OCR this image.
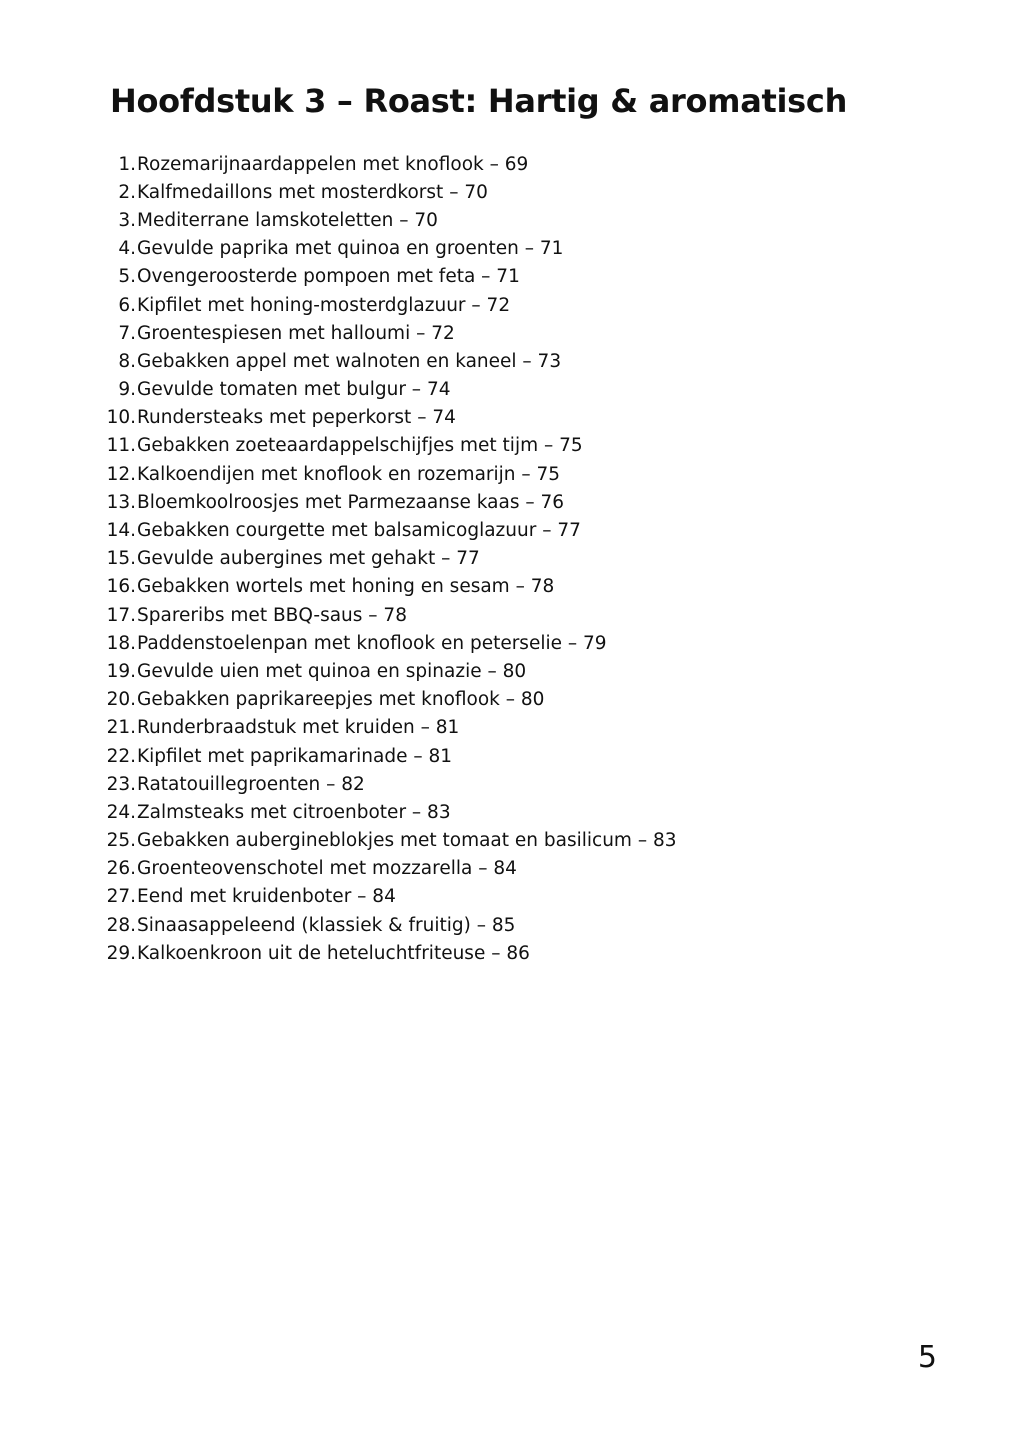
Hoofdstuk 3 – Roast: Hartig & aromatisch
1. Rozemarijnaardappelen met knoflook – 69
2. Kalfmedaillons met mosterdkorst – 70
3. Mediterrane lamskoteletten – 70
4. Gevulde paprika met quinoa en groenten – 71
5. Ovengeroosterde pompoen met feta – 71
6. Kipfilet met honing-mosterdglazuur – 72
7. Groentespiesen met halloumi – 72
8. Gebakken appel met walnoten en kaneel – 73
9. Gevulde tomaten met bulgur – 74
10. Rundersteaks met peperkorst – 74
11. Gebakken zoeteaardappelschijfjes met tijm – 75
12. Kalkoendijen met knoflook en rozemarijn – 75
13. Bloemkoolroosjes met Parmezaanse kaas – 76
14. Gebakken courgette met balsamicoglazuur – 77
15. Gevulde aubergines met gehakt – 77
16. Gebakken wortels met honing en sesam – 78
17. Spareribs met BBQ-saus – 78
18. Paddenstoelenpan met knoflook en peterselie – 79
19. Gevulde uien met quinoa en spinazie – 80
20. Gebakken paprikareepjes met knoflook – 80
21. Runderbraadstuk met kruiden – 81
22. Kipfilet met paprikamarinade – 81
23. Ratatouillegroenten – 82
24. Zalmsteaks met citroenboter – 83
25. Gebakken auberginеblokjes met tomaat en basilicum – 83
26. Groenteovenschotel met mozzarella – 84
27. Eend met kruidenboter – 84
28. Sinaasappeleend (klassiek & fruitig) – 85
29. Kalkoenkroon uit de heteluchtfriteuse – 86
5
